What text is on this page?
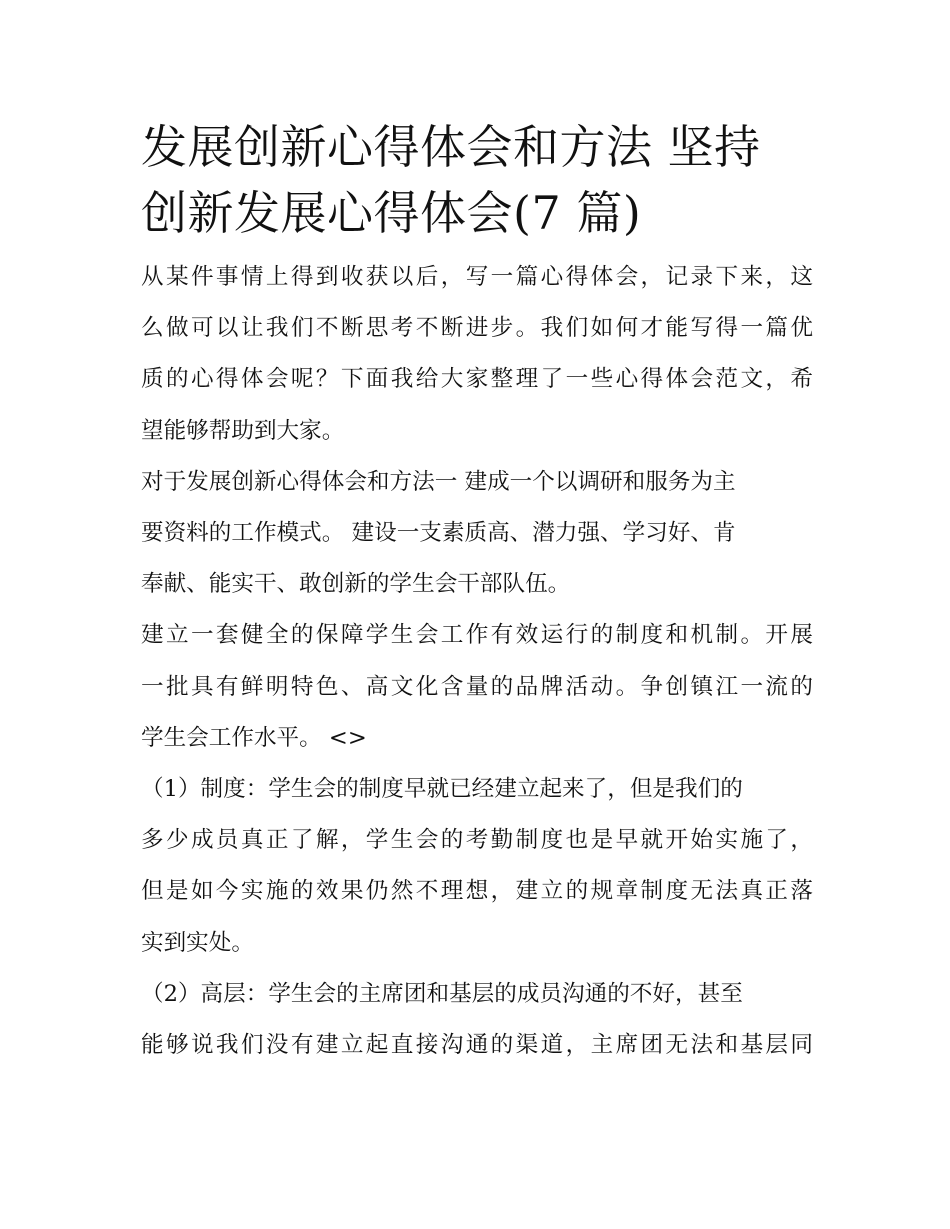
发展创新心得体会和方法 坚持
创新发展心得体会(7 篇)
从某件事情上得到收获以后，写一篇心得体会，记录下来，这
么做可以让我们不断思考不断进步。我们如何才能写得一篇优
质的心得体会呢？下面我给大家整理了一些心得体会范文，希
望能够帮助到大家。
对于发展创新心得体会和方法一 建成一个以调研和服务为主
要资料的工作模式。 建设一支素质高、潜力强、学习好、肯
奉献、能实干、敢创新的学生会干部队伍。
建立一套健全的保障学生会工作有效运行的制度和机制。开展
一批具有鲜明特色、高文化含量的品牌活动。争创镇江一流的
学生会工作水平。 <>
（1）制度：学生会的制度早就已经建立起来了，但是我们的
多少成员真正了解，学生会的考勤制度也是早就开始实施了，
但是如今实施的效果仍然不理想，建立的规章制度无法真正落
实到实处。
（2）高层：学生会的主席团和基层的成员沟通的不好，甚至
能够说我们没有建立起直接沟通的渠道，主席团无法和基层同
